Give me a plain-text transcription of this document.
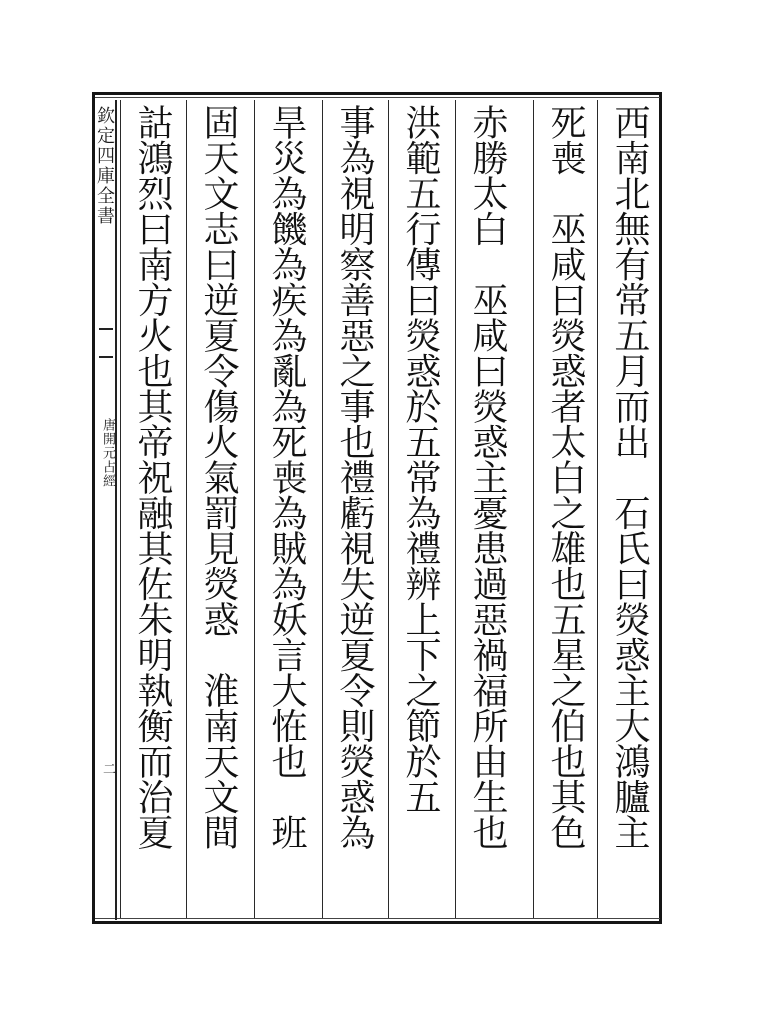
欽定四庫全書
唐開元占經
二	西南北無有常五月而出　石氏曰熒惑主大鴻臚主
死喪　巫咸曰熒惑者太白之雄也五星之伯也其色
赤勝太白　巫咸曰熒惑主憂患過惡禍福所由生也
洪範五行傳曰熒惑於五常為禮辨上下之節於五
事為視明察善惡之事也禮虧視失逆夏令則熒惑為
旱災為饑為疾為亂為死喪為賊為妖言大恠也　班
固天文志曰逆夏令傷火氣罰見熒惑　淮南天文間
詁鴻烈曰南方火也其帝祝融其佐朱明執衡而治夏
